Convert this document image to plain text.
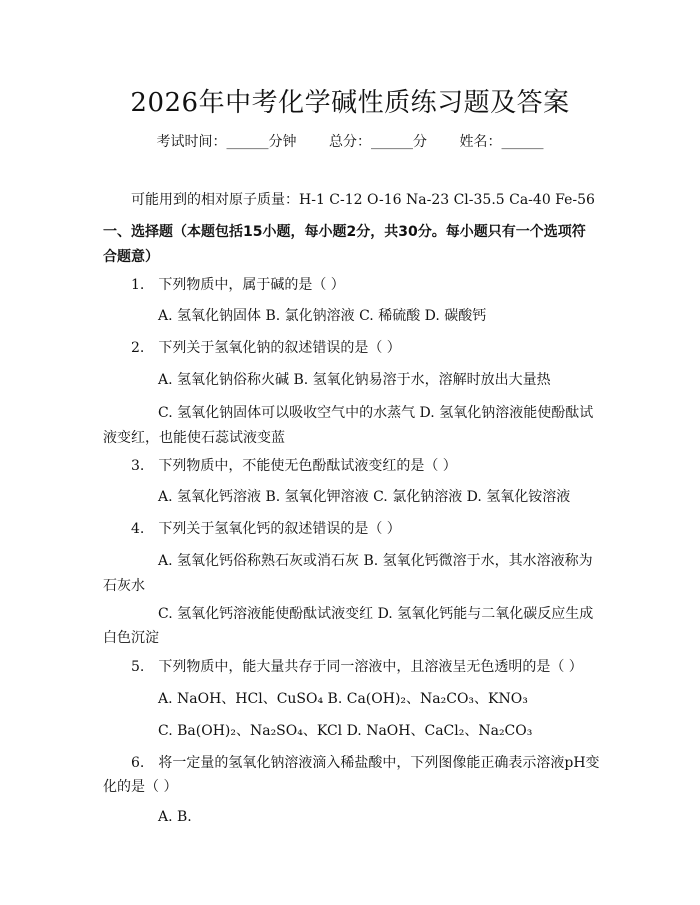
2026年中考化学碱性质练习题及答案
考试时间：______分钟 总分：______分 姓名：______
可能用到的相对原子质量：H-1 C-12 O-16 Na-23 Cl-35.5 Ca-40 Fe-56
一、选择题（本题包括15小题，每小题2分，共30分。每小题只有一个选项符
合题意）
1.　下列物质中，属于碱的是（ ）
A. 氢氧化钠固体 B. 氯化钠溶液 C. 稀硫酸 D. 碳酸钙
2.　下列关于氢氧化钠的叙述错误的是（ ）
A. 氢氧化钠俗称火碱 B. 氢氧化钠易溶于水，溶解时放出大量热
C. 氢氧化钠固体可以吸收空气中的水蒸气 D. 氢氧化钠溶液能使酚酞试
液变红，也能使石蕊试液变蓝
3.　下列物质中，不能使无色酚酞试液变红的是（ ）
A. 氢氧化钙溶液 B. 氢氧化钾溶液 C. 氯化钠溶液 D. 氢氧化铵溶液
4.　下列关于氢氧化钙的叙述错误的是（ ）
A. 氢氧化钙俗称熟石灰或消石灰 B. 氢氧化钙微溶于水，其水溶液称为
石灰水
C. 氢氧化钙溶液能使酚酞试液变红 D. 氢氧化钙能与二氧化碳反应生成
白色沉淀
5.　下列物质中，能大量共存于同一溶液中，且溶液呈无色透明的是（ ）
A. NaOH、HCl、CuSO₄ B. Ca(OH)₂、Na₂CO₃、KNO₃
C. Ba(OH)₂、Na₂SO₄、KCl D. NaOH、CaCl₂、Na₂CO₃
6.　将一定量的氢氧化钠溶液滴入稀盐酸中，下列图像能正确表示溶液pH变
化的是（ ）
A. B.
